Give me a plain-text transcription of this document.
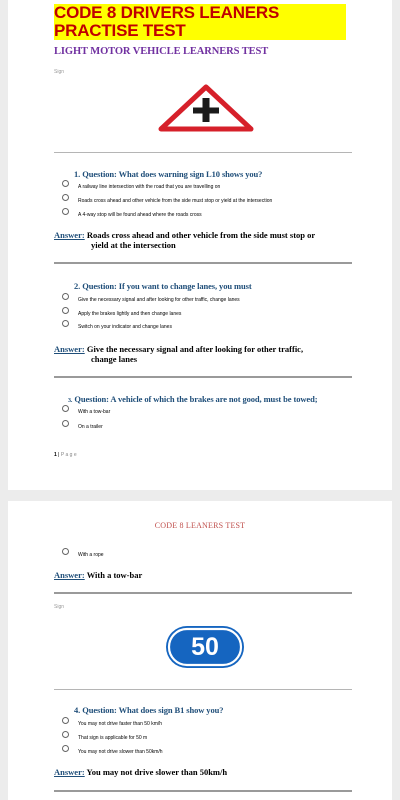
CODE 8 DRIVERS LEANERS PRACTISE TEST
LIGHT MOTOR VEHICLE LEARNERS TEST
Sign
1. Question: What does warning sign L10 shows you?
A railway line intersection with the road that you are travelling on
Roads cross ahead and other vehicle from the side must stop or yield at the intersection
A 4-way stop will be found ahead where the roads cross
Answer: Roads cross ahead and other vehicle from the side must stop or
yield at the intersection
2. Question: If you want to change lanes, you must
Give the necessary signal and after looking for other traffic, change lanes
Apply the brakes lightly and then change lanes
Switch on your indicator and change lanes
Answer: Give the necessary signal and after looking for other traffic,
change lanes
3. Question: A vehicle of which the brakes are not good, must be towed;
With a tow-bar
On a trailer
1 | P a g e
CODE 8 LEANERS TEST
With a rope
Answer: With a tow-bar
Sign
50
4. Question: What does sign B1 show you?
You may not drive faster than 50 km/h
That sign is applicable for 50 m
You may not drive slower than 50km/h
Answer: You may not drive slower than 50km/h
